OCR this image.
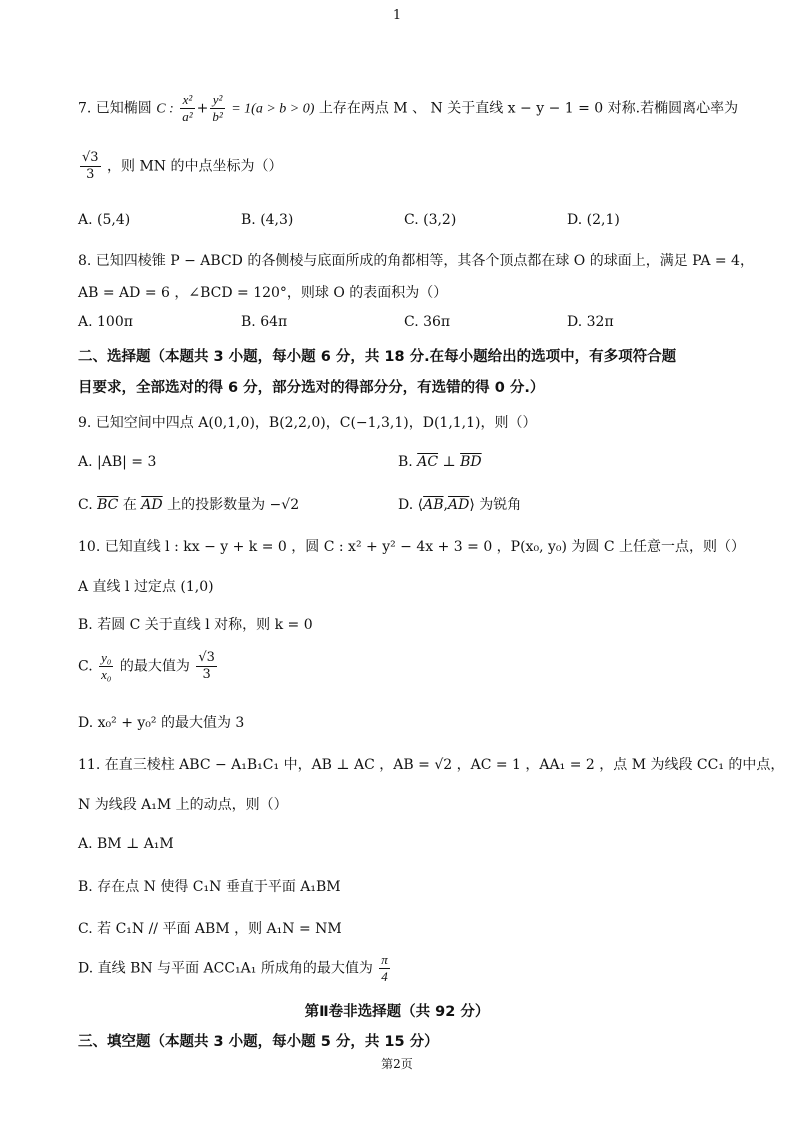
1
7. 已知椭圆 C : $\frac{\text{x²}}{\text{a²}} + \frac{\text{y²}}{\text{b²}} = 1(a > b > 0)$ 上存在两点 M 、 N 关于直线 x − y − 1 = 0 对称.若椭圆离心率为
$\frac{√3}{3}$ ，则 MN 的中点坐标为（）
A. (5,4)	B. (4,3)	C. (3,2)	D. (2,1)
8. 已知四棱锥 P − ABCD 的各侧棱与底面所成的角都相等，其各个顶点都在球 O 的球面上，满足 PA = 4，
AB = AD = 6 ，∠BCD = 120°，则球 O 的表面积为（）
A. 100π	B. 64π	C. 36π	D. 32π
二、选择题（本题共 3 小题，每小题 6 分，共 18 分.在每小题给出的选项中，有多项符合题
目要求，全部选对的得 6 分，部分选对的得部分分，有选错的得 0 分.）
9. 已知空间中四点 A(0,1,0)，B(2,2,0)，C(−1,3,1)，D(1,1,1)，则（）
A. |AB| = 3	B. $\overline{AC}$ ⊥ $\overline{BD}$
C. $\overline{BC}$ 在 $\overline{AD}$ 上的投影数量为 −√2	D. $⟨\overline{AB},\overline{AD}⟩$ 为锐角
10. 已知直线 l : kx − y + k = 0 ，圆 C : x² + y² − 4x + 3 = 0 ，P(x₀, y₀) 为圆 C 上任意一点，则（）
A 直线 l 过定点 (1,0)
B. 若圆 C 关于直线 l 对称，则 k = 0
C. $\frac{\text{y₀}}{\text{x₀}}$ 的最大值为 $\frac{√3}{3}$
D. x₀² + y₀² 的最大值为 3
11. 在直三棱柱 ABC − A₁B₁C₁ 中，AB ⊥ AC ，AB = √2 ，AC = 1 ，AA₁ = 2 ，点 M 为线段 CC₁ 的中点，
N 为线段 A₁M 上的动点，则（）
A. BM ⊥ A₁M
B. 存在点 N 使得 C₁N 垂直于平面 A₁BM
C. 若 C₁N // 平面 ABM ，则 A₁N = NM
D. 直线 BN 与平面 ACC₁A₁ 所成角的最大值为 $\frac{\pi}{4}$
第Ⅱ卷非选择题（共 92 分）
三、填空题（本题共 3 小题，每小题 5 分，共 15 分）
第2页
